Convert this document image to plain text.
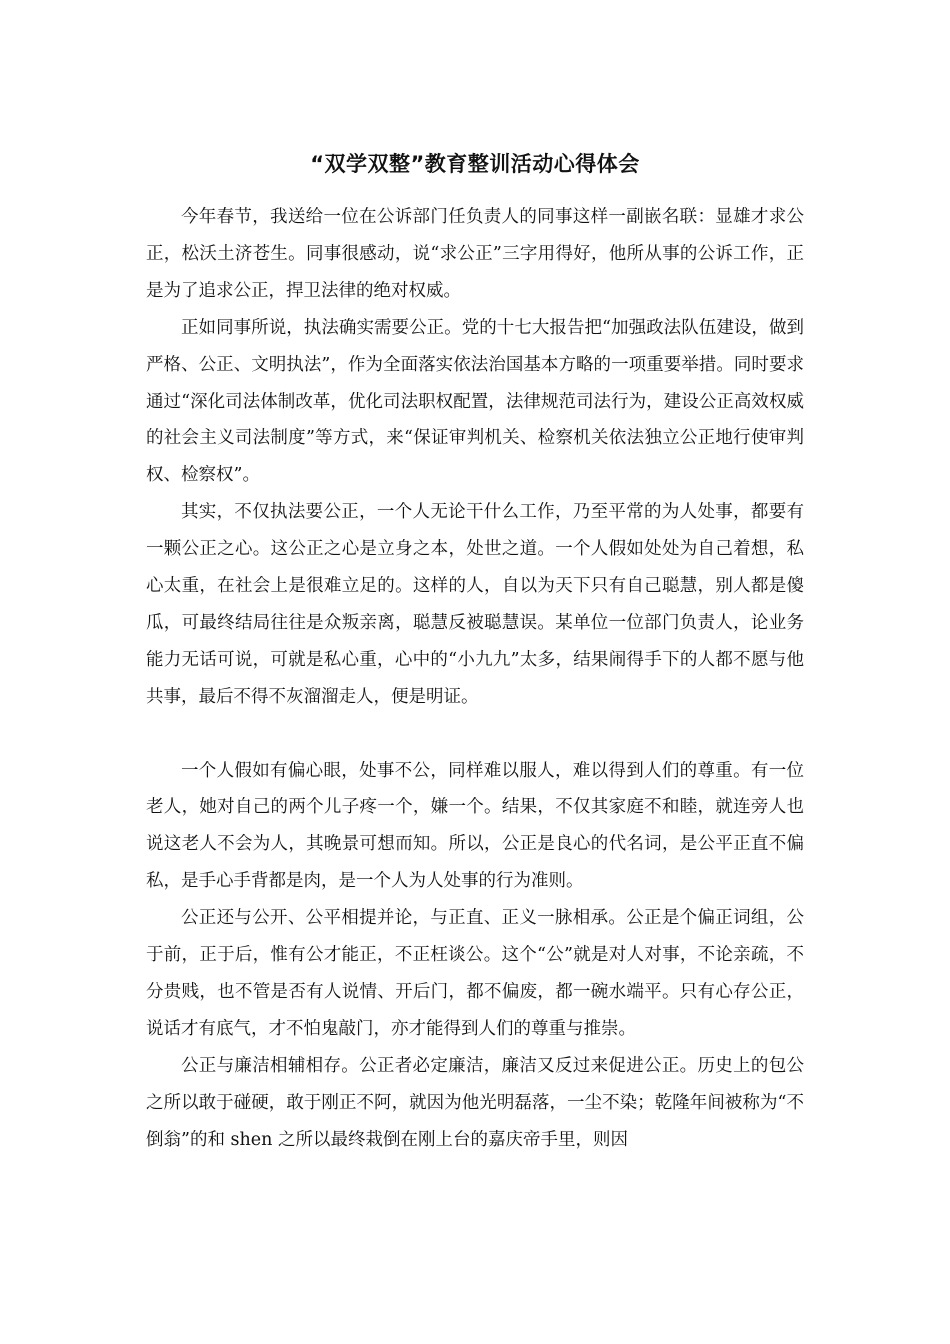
“双学双整”教育整训活动心得体会

今年春节，我送给一位在公诉部门任负责人的同事这样一副嵌名联：显雄才求公正，松沃土济苍生。同事很感动，说“求公正”三字用得好，他所从事的公诉工作，正是为了追求公正，捍卫法律的绝对权威。

正如同事所说，执法确实需要公正。党的十七大报告把“加强政法队伍建设，做到严格、公正、文明执法”，作为全面落实依法治国基本方略的一项重要举措。同时要求通过“深化司法体制改革，优化司法职权配置，法律规范司法行为，建设公正高效权威的社会主义司法制度”等方式，来“保证审判机关、检察机关依法独立公正地行使审判权、检察权”。

其实，不仅执法要公正，一个人无论干什么工作，乃至平常的为人处事，都要有一颗公正之心。这公正之心是立身之本，处世之道。一个人假如处处为自己着想，私心太重，在社会上是很难立足的。这样的人，自以为天下只有自己聪慧，别人都是傻瓜，可最终结局往往是众叛亲离，聪慧反被聪慧误。某单位一位部门负责人，论业务能力无话可说，可就是私心重，心中的“小九九”太多，结果闹得手下的人都不愿与他共事，最后不得不灰溜溜走人，便是明证。

一个人假如有偏心眼，处事不公，同样难以服人，难以得到人们的尊重。有一位老人，她对自己的两个儿子疼一个，嫌一个。结果，不仅其家庭不和睦，就连旁人也说这老人不会为人，其晚景可想而知。所以，公正是良心的代名词，是公平正直不偏私，是手心手背都是肉，是一个人为人处事的行为准则。

公正还与公开、公平相提并论，与正直、正义一脉相承。公正是个偏正词组，公于前，正于后，惟有公才能正，不正枉谈公。这个“公”就是对人对事，不论亲疏，不分贵贱，也不管是否有人说情、开后门，都不偏废，都一碗水端平。只有心存公正，说话才有底气，才不怕鬼敲门，亦才能得到人们的尊重与推崇。

公正与廉洁相辅相存。公正者必定廉洁，廉洁又反过来促进公正。历史上的包公之所以敢于碰硬，敢于刚正不阿，就因为他光明磊落，一尘不染；乾隆年间被称为“不倒翁”的和 shen 之所以最终栽倒在刚上台的嘉庆帝手里，则因
